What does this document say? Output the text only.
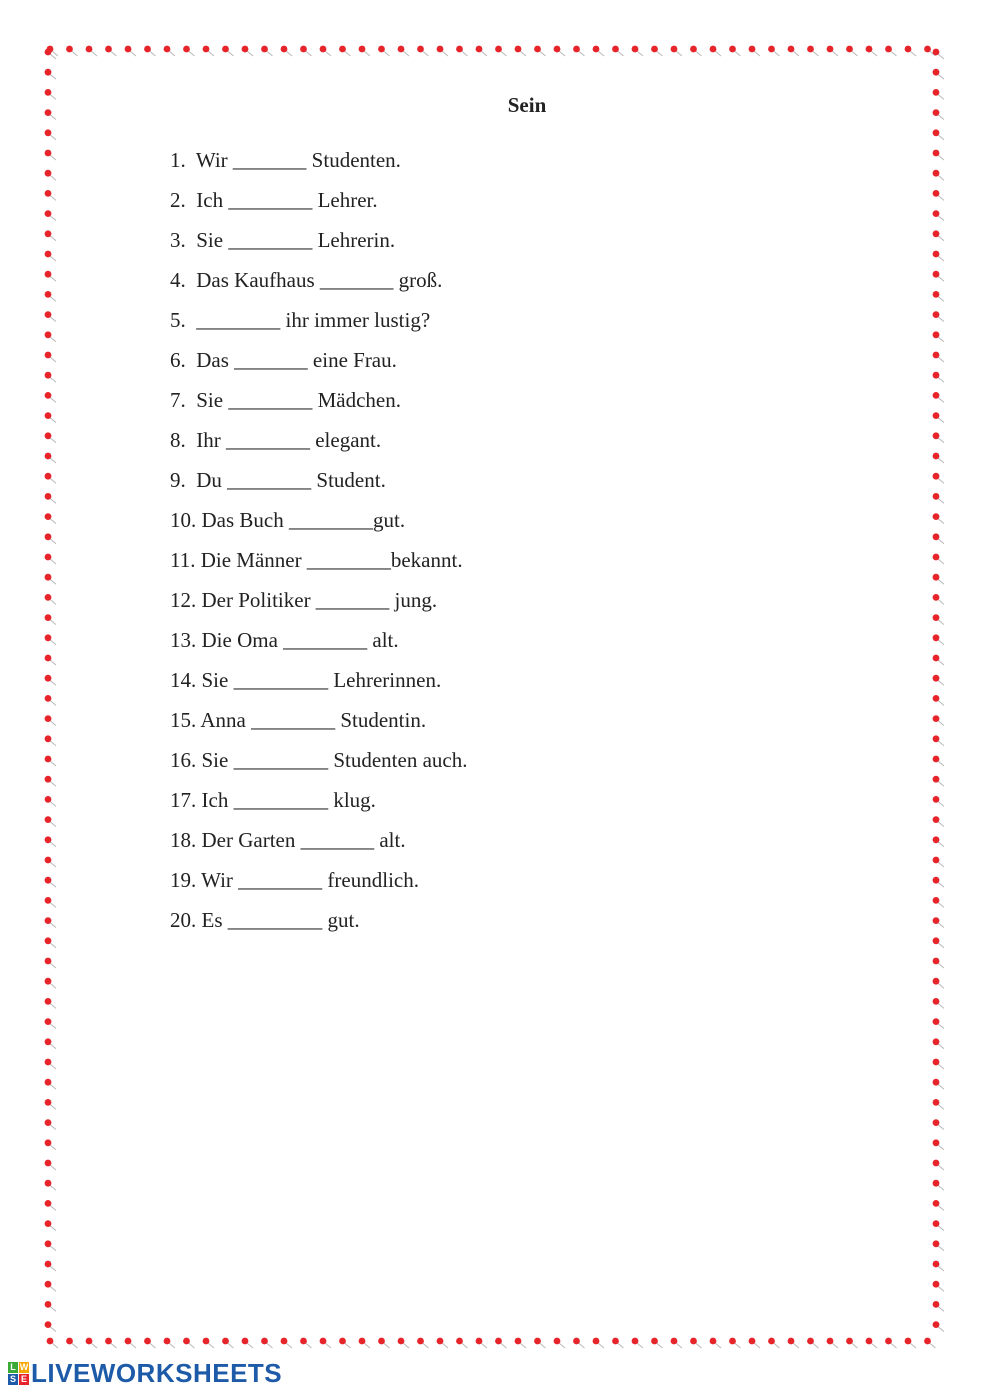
Sein
1.  Wir _______ Studenten.
2.  Ich ________ Lehrer.
3.  Sie ________ Lehrerin.
4.  Das Kaufhaus _______ groß.
5.  ________ ihr immer lustig?
6.  Das _______ eine Frau.
7.  Sie ________ Mädchen.
8.  Ihr ________ elegant.
9.  Du ________ Student.
10. Das Buch ________gut.
11. Die Männer ________bekannt.
12. Der Politiker _______ jung.
13. Die Oma ________ alt.
14. Sie _________ Lehrerinnen.
15. Anna ________ Studentin.
16. Sie _________ Studenten auch.
17. Ich _________ klug.
18. Der Garten _______ alt.
19. Wir ________ freundlich.
20. Es _________ gut.
L W
S E LIVEWORKSHEETS
